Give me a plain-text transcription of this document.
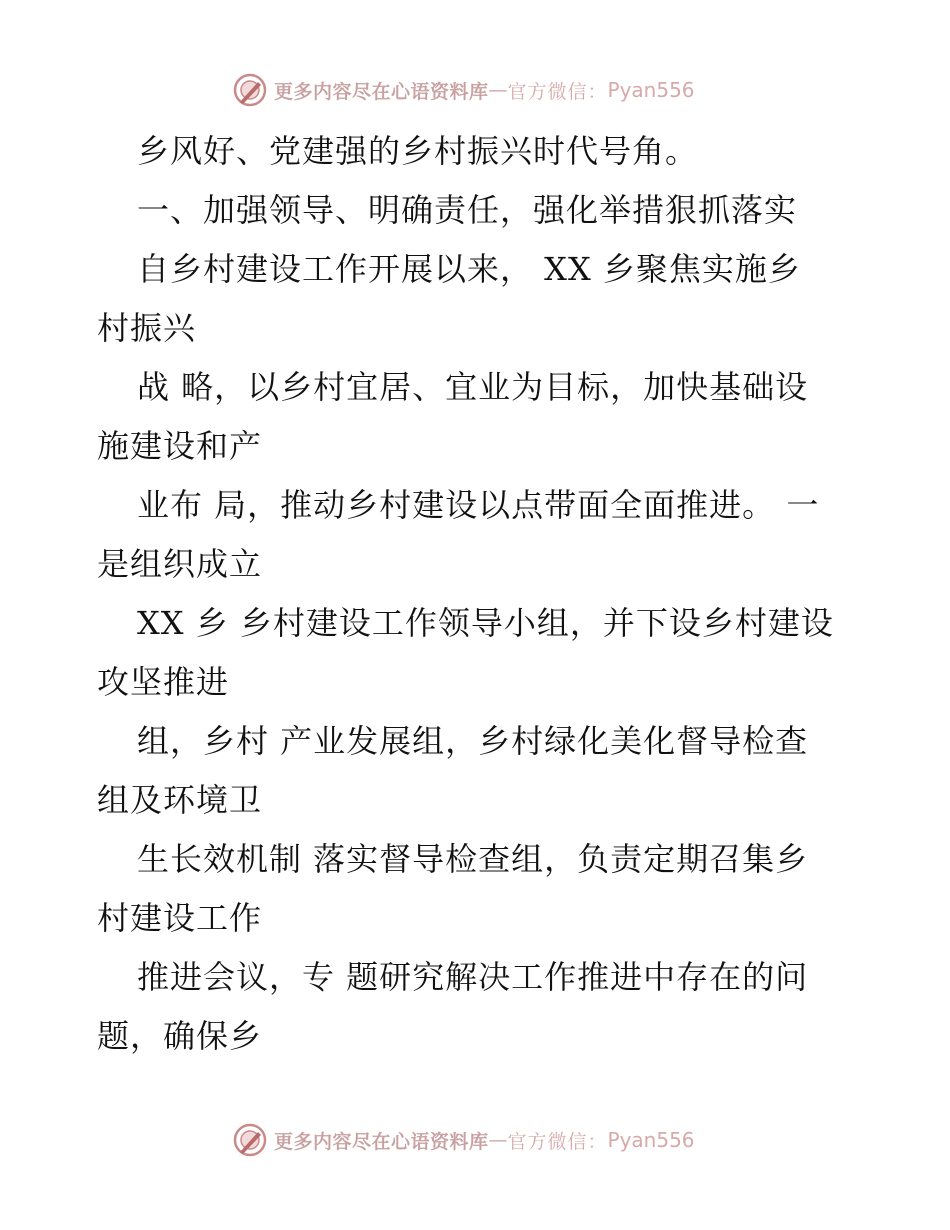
更多内容尽在心语资料库 — 官方微信： Pyan556
乡风好、党建强的乡村振兴时代号角。
一、加强领导、明确责任，强化举措狠抓落实
自乡村建设工作开展以来， XX 乡聚焦实施乡
村振兴
战 略，以乡村宜居、宜业为目标，加快基础设
施建设和产
业布 局，推动乡村建设以点带面全面推进。 一
是组织成立
XX 乡 乡村建设工作领导小组，并下设乡村建设
攻坚推进
组，乡村 产业发展组，乡村绿化美化督导检查
组及环境卫
生长效机制 落实督导检查组，负责定期召集乡
村建设工作
推进会议，专 题研究解决工作推进中存在的问
题，确保乡
更多内容尽在心语资料库 — 官方微信： Pyan556
